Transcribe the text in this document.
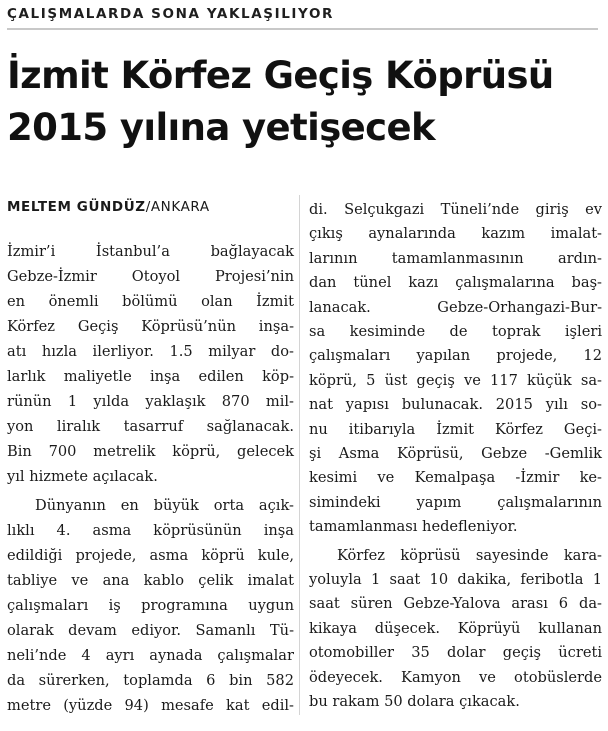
ÇALIŞMALARDA SONA YAKLAŞILIYOR
İzmit Körfez Geçiş Köprüsü
2015 yılına yetişecek
MELTEM GÜNDÜZ/ANKARA
İzmir’i İstanbul’a bağlayacak
Gebze-İzmir Otoyol Projesi’nin
en önemli bölümü olan İzmit
Körfez Geçiş Köprüsü’nün inşa-
atı hızla ilerliyor. 1.5 milyar do-
larlık maliyetle inşa edilen köp-
rünün 1 yılda yaklaşık 870 mil-
yon liralık tasarruf sağlanacak.
Bin 700 metrelik köprü, gelecek
yıl hizmete açılacak.
Dünyanın en büyük orta açık-
lıklı 4. asma köprüsünün inşa
edildiği projede, asma köprü kule,
tabliye ve ana kablo çelik imalat
çalışmaları iş programına uygun
olarak devam ediyor. Samanlı Tü-
neli’nde 4 ayrı aynada çalışmalar
da sürerken, toplamda 6 bin 582
metre (yüzde 94) mesafe kat edil-
di. Selçukgazi Tüneli’nde giriş ev
çıkış aynalarında kazım imalat-
larının tamamlanmasının ardın-
dan tünel kazı çalışmalarına baş-
lanacak. Gebze-Orhangazi-Bur-
sa kesiminde de toprak işleri
çalışmaları yapılan projede, 12
köprü, 5 üst geçiş ve 117 küçük sa-
nat yapısı bulunacak. 2015 yılı so-
nu itibarıyla İzmit Körfez Geçi-
şi Asma Köprüsü, Gebze -Gemlik
kesimi ve Kemalpaşa -İzmir ke-
simindeki yapım çalışmalarının
tamamlanması hedefleniyor.
Körfez köprüsü sayesinde kara-
yoluyla 1 saat 10 dakika, feribotla 1
saat süren Gebze-Yalova arası 6 da-
kikaya düşecek. Köprüyü kullanan
otomobiller 35 dolar geçiş ücreti
ödeyecek. Kamyon ve otobüslerde
bu rakam 50 dolara çıkacak.
